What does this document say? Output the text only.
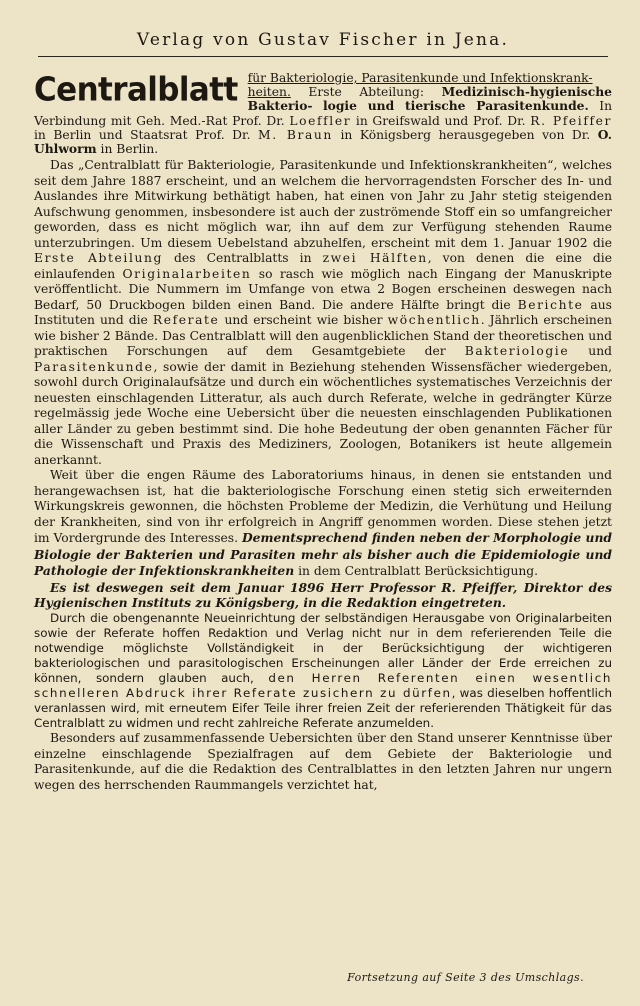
Verlag von Gustav Fischer in Jena.
Centralblatt für Bakteriologie, Parasitenkunde und Infektionskrank-
heiten. Erste Abteilung: Medizinisch-hygienische Bakterio- logie und tierische Parasitenkunde. In Verbindung mit Geh. Med.-Rat Prof. Dr. Loeffler in Greifswald und Prof. Dr. R. Pfeiffer in Berlin und Staatsrat Prof. Dr. M. Braun in Königsberg herausgegeben von Dr. O. Uhlworm in Berlin.

Das „Centralblatt für Bakteriologie, Parasitenkunde und Infektionskrankheiten“, welches seit dem Jahre 1887 erscheint, und an welchem die hervorragendsten Forscher des In- und Auslandes ihre Mitwirkung bethätigt haben, hat einen von Jahr zu Jahr stetig steigenden Aufschwung genommen, insbesondere ist auch der zuströmende Stoff ein so umfangreicher geworden, dass es nicht möglich war, ihn auf dem zur Verfügung stehenden Raume unterzubringen. Um diesem Uebelstand abzuhelfen, erscheint mit dem 1. Januar 1902 die Erste Abteilung des Centralblatts in zwei Hälften, von denen die eine die einlaufenden Originalarbeiten so rasch wie möglich nach Eingang der Manuskripte veröffentlicht. Die Nummern im Umfange von etwa 2 Bogen erscheinen deswegen nach Bedarf, 50 Druckbogen bilden einen Band. Die andere Hälfte bringt die Berichte aus Instituten und die Referate und erscheint wie bisher wöchentlich. Jährlich erscheinen wie bisher 2 Bände. Das Centralblatt will den augenblicklichen Stand der theoretischen und praktischen Forschungen auf dem Gesamtgebiete der Bakteriologie und Parasitenkunde, sowie der damit in Beziehung stehenden Wissensfächer wiedergeben, sowohl durch Originalaufsätze und durch ein wöchentliches systematisches Verzeichnis der neuesten einschlagenden Litteratur, als auch durch Referate, welche in gedrängter Kürze regelmässig jede Woche eine Uebersicht über die neuesten einschlagenden Publikationen aller Länder zu geben bestimmt sind. Die hohe Bedeutung der oben genannten Fächer für die Wissenschaft und Praxis des Mediziners, Zoologen, Botanikers ist heute allgemein anerkannt.

Weit über die engen Räume des Laboratoriums hinaus, in denen sie entstanden und herangewachsen ist, hat die bakteriologische Forschung einen stetig sich erweiternden Wirkungskreis gewonnen, die höchsten Probleme der Medizin, die Verhütung und Heilung der Krankheiten, sind von ihr erfolgreich in Angriff genommen worden. Diese stehen jetzt im Vordergrunde des Interesses. Dementsprechend finden neben der Morphologie und Biologie der Bakterien und Parasiten mehr als bisher auch die Epidemiologie und Pathologie der Infektionskrankheiten in dem Centralblatt Berücksichtigung.

Es ist deswegen seit dem Januar 1896 Herr Professor R. Pfeiffer, Direktor des Hygienischen Instituts zu Königsberg, in die Redaktion eingetreten.

Durch die obengenannte Neueinrichtung der selbständigen Herausgabe von Originalarbeiten sowie der Referate hoffen Redaktion und Verlag nicht nur in dem referierenden Teile die notwendige möglichste Vollständigkeit in der Berücksichtigung der wichtigeren bakteriologischen und parasitologischen Erscheinungen aller Länder der Erde erreichen zu können, sondern glauben auch, den Herren Referenten einen wesentlich schnelleren Abdruck ihrer Referate zusichern zu dürfen, was dieselben hoffentlich veranlassen wird, mit erneutem Eifer Teile ihrer freien Zeit der referierenden Thätigkeit für das Centralblatt zu widmen und recht zahlreiche Referate anzumelden.

Besonders auf zusammenfassende Uebersichten über den Stand unserer Kenntnisse über einzelne einschlagende Spezialfragen auf dem Gebiete der Bakteriologie und Parasitenkunde, auf die die Redaktion des Centralblattes in den letzten Jahren nur ungern wegen des herrschenden Raummangels verzichtet hat,

Fortsetzung auf Seite 3 des Umschlags.
